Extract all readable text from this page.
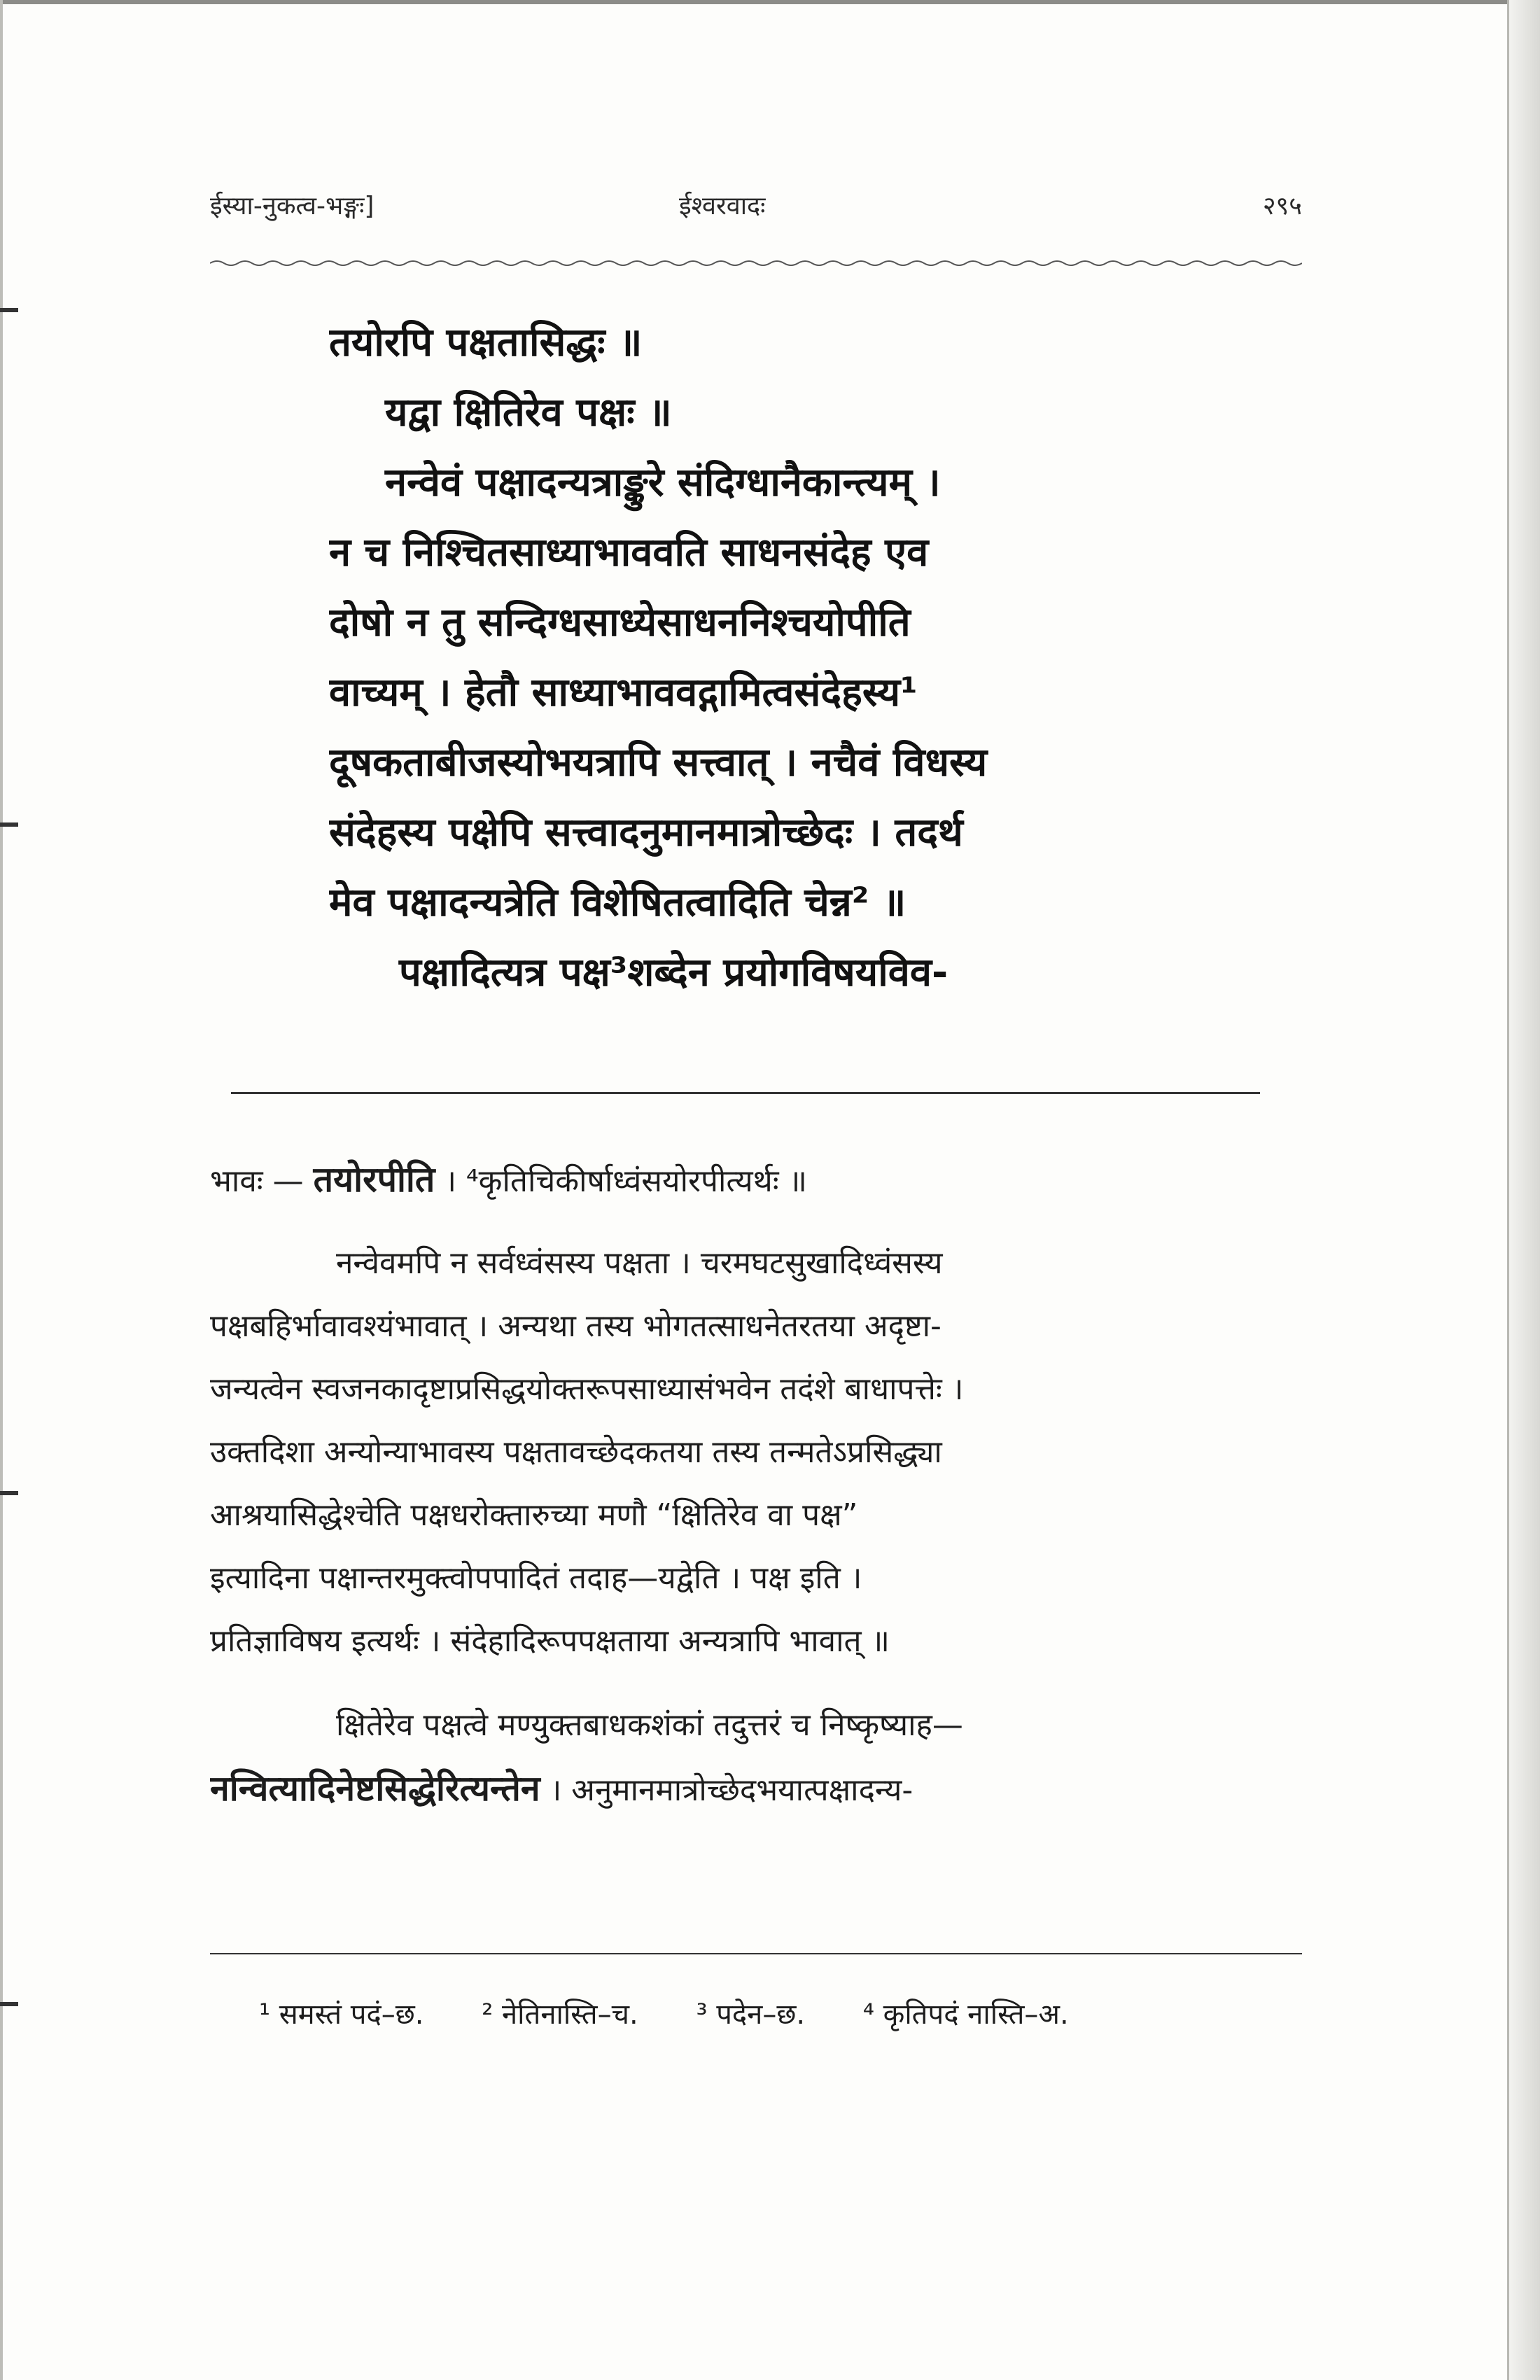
ईस्या-नुकत्व-भङ्गः]	ईश्वरवादः	२९५
तयोरपि पक्षतासिद्धः ॥
यद्वा क्षितिरेव पक्षः ॥
नन्वेवं पक्षादन्यत्राङ्कुरे संदिग्धानैकान्त्यम् ।
न च निश्चितसाध्याभाववति साधनसंदेह एव
दोषो न तु सन्दिग्धसाध्येसाधननिश्चयोपीति
वाच्यम् । हेतौ साध्याभाववद्गामित्वसंदेहस्य¹
दूषकताबीजस्योभयत्रापि सत्त्वात् । नचैवं विधस्य
संदेहस्य पक्षेपि सत्त्वादनुमानमात्रोच्छेदः । तदर्थ
मेव पक्षादन्यत्रेति विशेषितत्वादिति चेन्न² ॥
पक्षादित्यत्र पक्ष³शब्देन प्रयोगविषयविव-
भावः — तयोरपीति । ⁴कृतिचिकीर्षाध्वंसयोरपीत्यर्थः ॥
नन्वेवमपि न सर्वध्वंसस्य पक्षता । चरमघटसुखादिध्वंसस्य
पक्षबहिर्भावावश्यंभावात् । अन्यथा तस्य भोगतत्साधनेतरतया अदृष्टा-
जन्यत्वेन स्वजनकादृष्टाप्रसिद्धयोक्तरूपसाध्यासंभवेन तदंशे बाधापत्तेः ।
उक्तदिशा अन्योन्याभावस्य पक्षतावच्छेदकतया तस्य तन्मतेऽप्रसिद्ध्या
आश्रयासिद्धेश्चेति पक्षधरोक्तारुच्या मणौ “क्षितिरेव वा पक्ष”
इत्यादिना पक्षान्तरमुक्त्वोपपादितं तदाह—यद्वेति । पक्ष इति ।
प्रतिज्ञाविषय इत्यर्थः । संदेहादिरूपपक्षताया अन्यत्रापि भावात् ॥
क्षितेरेव पक्षत्वे मण्युक्तबाधकशंकां तदुत्तरं च निष्कृष्याह—
नन्वित्यादिनेष्टसिद्धेरित्यन्तेन । अनुमानमात्रोच्छेदभयात्पक्षादन्य-
¹ समस्तं पदं–छ. ² नेतिनास्ति–च. ³ पदेन–छ. ⁴ कृतिपदं नास्ति–अ.
